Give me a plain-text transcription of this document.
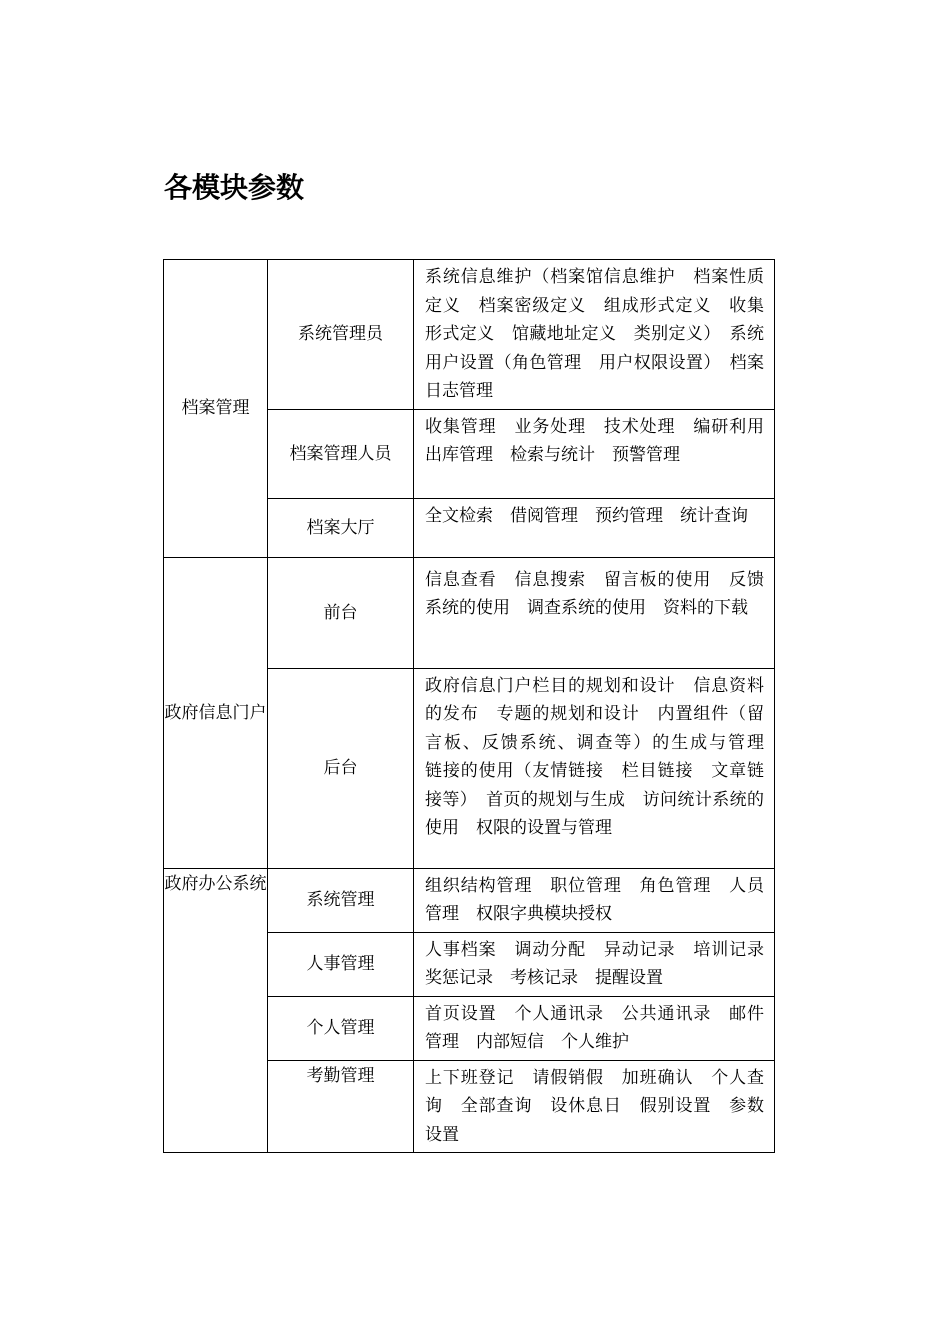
各模块参数
档案管理	系统管理员	系统信息维护（档案馆信息维护　档案性质定义　档案密级定义　组成形式定义　收集形式定义　馆藏地址定义　类别定义）　系统用户设置（角色管理　用户权限设置）　档案日志管理
	档案管理人员	收集管理　业务处理　技术处理　编研利用　出库管理　检索与统计　预警管理
	档案大厅	全文检索　借阅管理　预约管理　统计查询
政府信息门户	前台	信息查看　信息搜索　留言板的使用　反馈系统的使用　调查系统的使用　资料的下载
	后台	政府信息门户栏目的规划和设计　信息资料的发布　专题的规划和设计　内置组件（留言板、反馈系统、调查等）的生成与管理　链接的使用（友情链接　栏目链接　文章链接等）　首页的规划与生成　访问统计系统的使用　权限的设置与管理
政府办公系统	系统管理	组织结构管理　职位管理　角色管理　人员管理　权限字典模块授权
	人事管理	人事档案　调动分配　异动记录　培训记录　奖惩记录　考核记录　提醒设置
	个人管理	首页设置　个人通讯录　公共通讯录　邮件管理　内部短信　个人维护
	考勤管理	上下班登记　请假销假　加班确认　个人查询　全部查询　设休息日　假别设置　参数设置
